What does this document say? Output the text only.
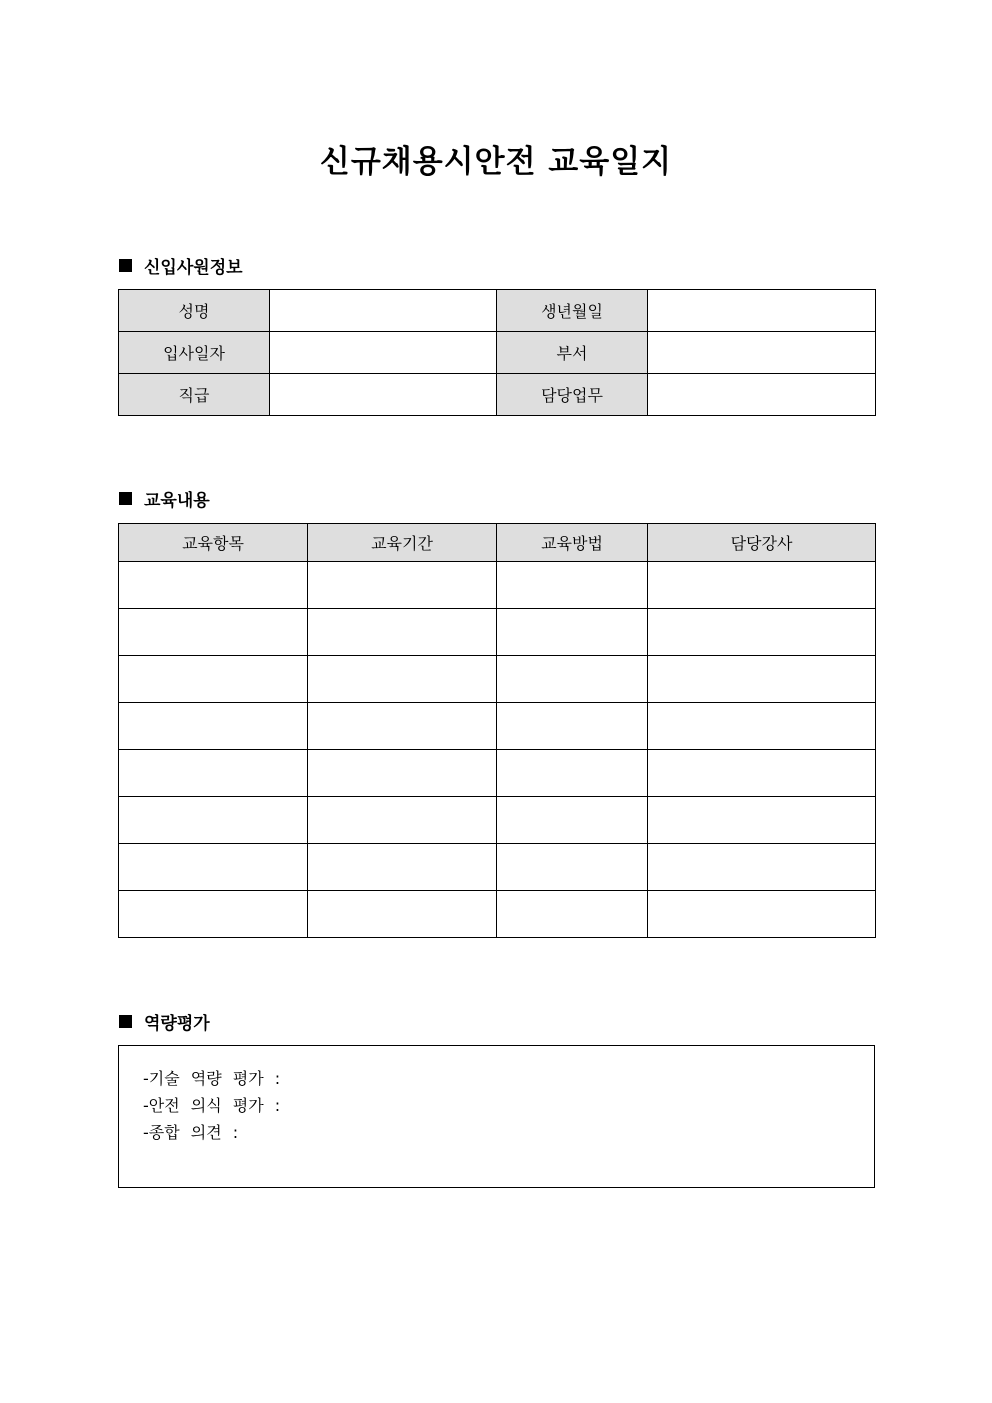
신규채용시안전 교육일지
신입사원정보
성명		생년월일	
입사일자		부서	
직급		담당업무	
교육내용
교육항목	교육기간	교육방법	담당강사

역량평가
-기술 역량 평가 :
-안전 의식 평가 :
-종합 의견 :
